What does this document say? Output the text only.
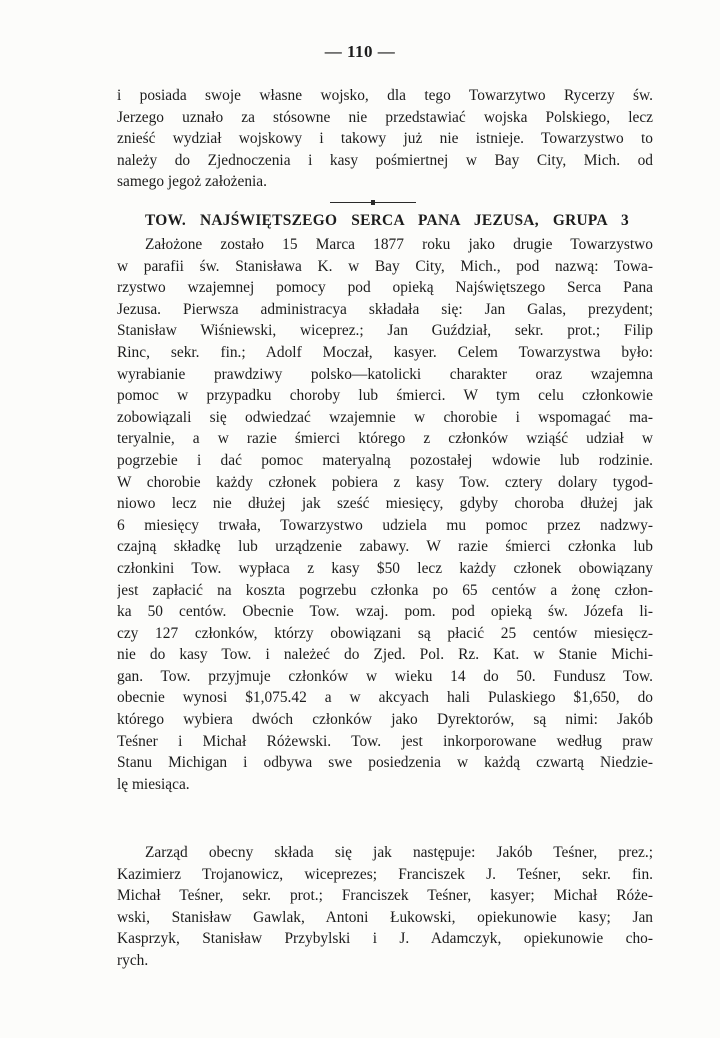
— 110 —
i posiada swoje własne wojsko, dla tego Towarzytwo Rycerzy św.
Jerzego uznało za stósowne nie przedstawiać wojska Polskiego, lecz
znieść wydział wojskowy i takowy już nie istnieje. Towarzystwo to
należy do Zjednoczenia i kasy pośmiertnej w Bay City, Mich. od
samego jegoż założenia.
TOW. NAJŚWIĘTSZEGO SERCA PANA JEZUSA, GRUPA 3
Założone zostało 15 Marca 1877 roku jako drugie Towarzystwo
w parafii św. Stanisława K. w Bay City, Mich., pod nazwą: Towa-
rzystwo wzajemnej pomocy pod opieką Najświętszego Serca Pana
Jezusa. Pierwsza administracya składała się: Jan Galas, prezydent;
Stanisław Wiśniewski, wiceprez.; Jan Guździał, sekr. prot.; Filip
Rinc, sekr. fin.; Adolf Moczał, kasyer. Celem Towarzystwa było:
wyrabianie prawdziwy polsko—katolicki charakter oraz wzajemna
pomoc w przypadku choroby lub śmierci. W tym celu członkowie
zobowiązali się odwiedzać wzajemnie w chorobie i wspomagać ma-
teryalnie, a w razie śmierci którego z członków wziąść udział w
pogrzebie i dać pomoc materyalną pozostałej wdowie lub rodzinie.
W chorobie każdy członek pobiera z kasy Tow. cztery dolary tygod-
niowo lecz nie dłużej jak sześć miesięcy, gdyby choroba dłużej jak
6 miesięcy trwała, Towarzystwo udziela mu pomoc przez nadzwy-
czajną składkę lub urządzenie zabawy. W razie śmierci członka lub
członkini Tow. wypłaca z kasy $50 lecz każdy członek obowiązany
jest zapłacić na koszta pogrzebu członka po 65 centów a żonę człon-
ka 50 centów. Obecnie Tow. wzaj. pom. pod opieką św. Józefa li-
czy 127 członków, którzy obowiązani są płacić 25 centów miesięcz-
nie do kasy Tow. i należeć do Zjed. Pol. Rz. Kat. w Stanie Michi-
gan. Tow. przyjmuje członków w wieku 14 do 50. Fundusz Tow.
obecnie wynosi $1,075.42 a w akcyach hali Pulaskiego $1,650, do
którego wybiera dwóch członków jako Dyrektorów, są nimi: Jakób
Teśner i Michał Różewski. Tow. jest inkorporowane według praw
Stanu Michigan i odbywa swe posiedzenia w każdą czwartą Niedzie-
lę miesiąca.
Zarząd obecny składa się jak następuje: Jakób Teśner, prez.;
Kazimierz Trojanowicz, wiceprezes; Franciszek J. Teśner, sekr. fin.
Michał Teśner, sekr. prot.; Franciszek Teśner, kasyer; Michał Róże-
wski, Stanisław Gawlak, Antoni Łukowski, opiekunowie kasy; Jan
Kasprzyk, Stanisław Przybylski i J. Adamczyk, opiekunowie cho-
rych.
